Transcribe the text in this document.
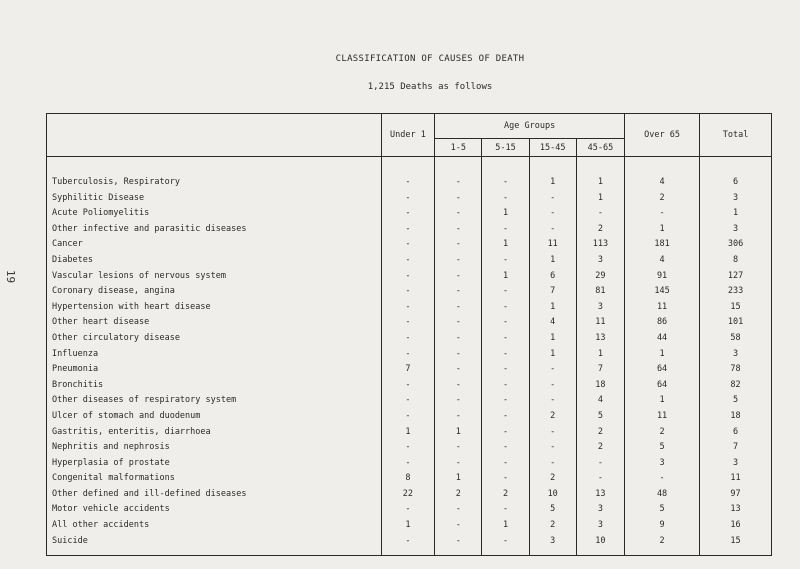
19
CLASSIFICATION OF CAUSES OF DEATH
1,215 Deaths as follows
	Under 1	Age Groups				Over 65	Total
		1-5	5-15	15-45	45-65		

Tuberculosis, Respiratory	-	-	-	1	1	4	6
Syphilitic Disease	-	-	-	-	1	2	3
Acute Poliomyelitis	-	-	1	-	-	-	1
Other infective and parasitic diseases	-	-	-	-	2	1	3
Cancer	-	-	1	11	113	181	306
Diabetes	-	-	-	1	3	4	8
Vascular lesions of nervous system	-	-	1	6	29	91	127
Coronary disease, angina	-	-	-	7	81	145	233
Hypertension with heart disease	-	-	-	1	3	11	15
Other heart disease	-	-	-	4	11	86	101
Other circulatory disease	-	-	-	1	13	44	58
Influenza	-	-	-	1	1	1	3
Pneumonia	7	-	-	-	7	64	78
Bronchitis	-	-	-	-	18	64	82
Other diseases of respiratory system	-	-	-	-	4	1	5
Ulcer of stomach and duodenum	-	-	-	2	5	11	18
Gastritis, enteritis, diarrhoea	1	1	-	-	2	2	6
Nephritis and nephrosis	-	-	-	-	2	5	7
Hyperplasia of prostate	-	-	-	-	-	3	3
Congenital malformations	8	1	-	2	-	-	11
Other defined and ill-defined diseases	22	2	2	10	13	48	97
Motor vehicle accidents	-	-	-	5	3	5	13
All other accidents	1	-	1	2	3	9	16
Suicide	-	-	-	3	10	2	15
